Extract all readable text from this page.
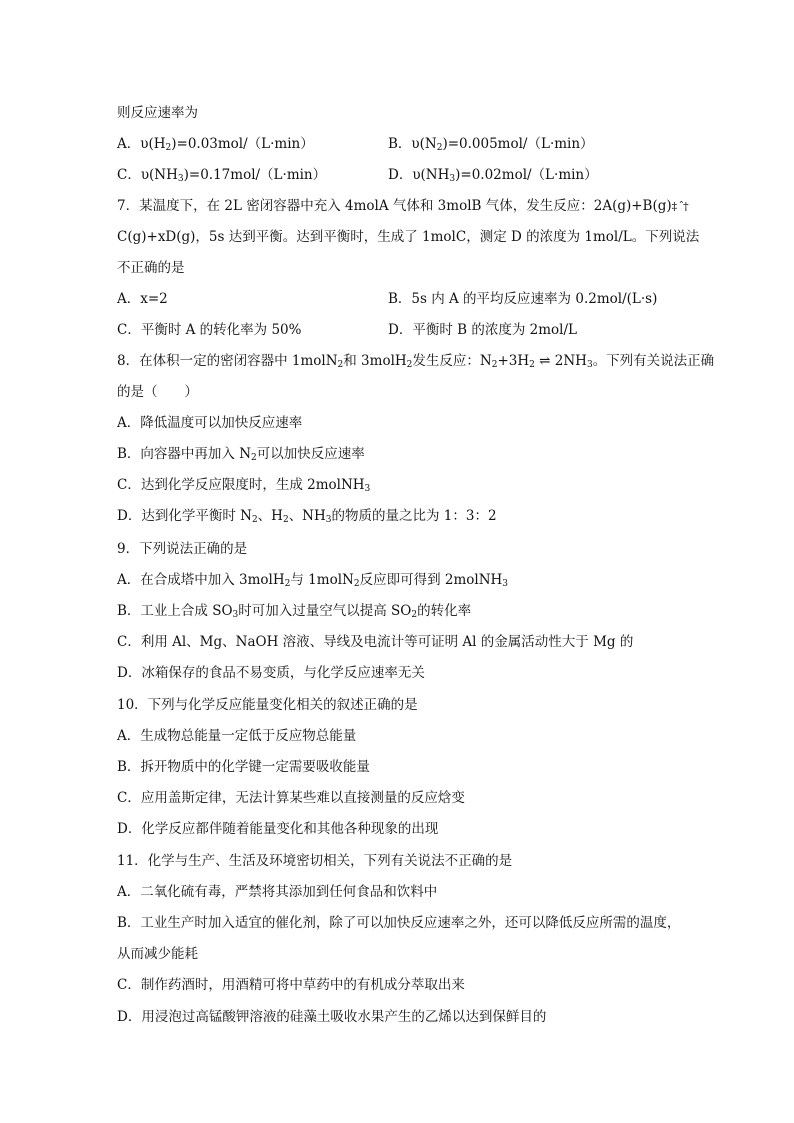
则反应速率为
A．$\upsilon(H_2)=0.03mol/(L\cdot\min)$	B．$\upsilon(N_2)=0.005mol/(L\cdot\min)$
C．$\upsilon(NH_3)=0.17mol/(L\cdot\min)$	D．$\upsilon(NH_3)=0.02mol/(L\cdot\min)$
7．某温度下，在 2L 密闭容器中充入 4molA 气体和 3molB 气体，发生反应：2A(g)+B(g)‡ ˆ†
C(g)+xD(g)，5s 达到平衡。达到平衡时，生成了 1molC，测定 D 的浓度为 1mol/L。下列说法
不正确的是
A．x=2	B．5s 内 A 的平均反应速率为 0.2mol/(L·s)
C．平衡时 A 的转化率为 50%	D．平衡时 B 的浓度为 2mol/L
8．在体积一定的密闭容器中 1molN$_2$和 3molH$_2$发生反应：$N_2+3H_2$ ⇌ $2NH_3$。下列有关说法正确
的是（　　）
A．降低温度可以加快反应速率
B．向容器中再加入 $N_2$可以加快反应速率
C．达到化学反应限度时，生成 2molNH$_3$
D．达到化学平衡时 $N_2$、$H_2$、$NH_3$的物质的量之比为 1：3：2
9．下列说法正确的是
A．在合成塔中加入 3molH$_2$与 1molN$_2$反应即可得到 2molNH$_3$
B．工业上合成 $SO_3$时可加入过量空气以提高 $SO_2$的转化率
C．利用 Al、Mg、NaOH 溶液、导线及电流计等可证明 Al 的金属活动性大于 Mg 的
D．冰箱保存的食品不易变质，与化学反应速率无关
10．下列与化学反应能量变化相关的叙述正确的是
A．生成物总能量一定低于反应物总能量
B．拆开物质中的化学键一定需要吸收能量
C．应用盖斯定律，无法计算某些难以直接测量的反应焓变
D．化学反应都伴随着能量变化和其他各种现象的出现
11．化学与生产、生活及环境密切相关，下列有关说法不正确的是
A．二氧化硫有毒，严禁将其添加到任何食品和饮料中
B．工业生产时加入适宜的催化剂，除了可以加快反应速率之外，还可以降低反应所需的温度，
从而减少能耗
C．制作药酒时，用酒精可将中草药中的有机成分萃取出来
D．用浸泡过高锰酸钾溶液的硅藻土吸收水果产生的乙烯以达到保鲜目的
